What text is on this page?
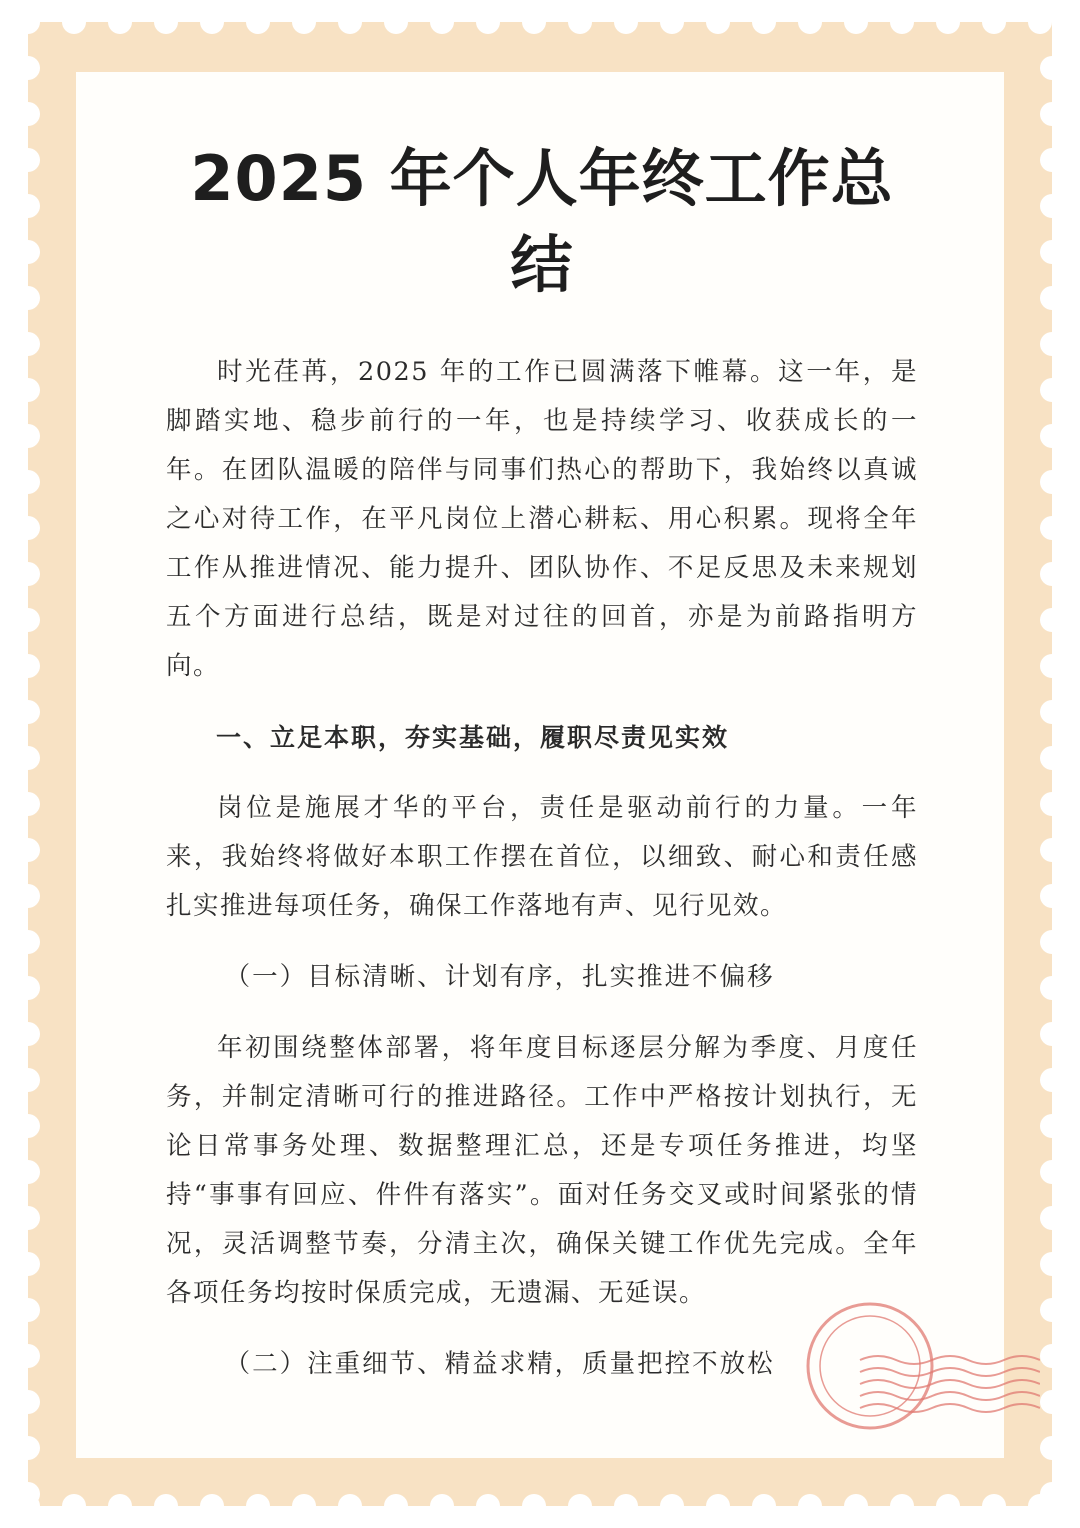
2025 年个人年终工作总结

时光荏苒，2025 年的工作已圆满落下帷幕。这一年，是脚踏实地、稳步前行的一年，也是持续学习、收获成长的一年。在团队温暖的陪伴与同事们热心的帮助下，我始终以真诚之心对待工作，在平凡岗位上潜心耕耘、用心积累。现将全年工作从推进情况、能力提升、团队协作、不足反思及未来规划五个方面进行总结，既是对过往的回首，亦是为前路指明方向。

一、立足本职，夯实基础，履职尽责见实效

岗位是施展才华的平台，责任是驱动前行的力量。一年来，我始终将做好本职工作摆在首位，以细致、耐心和责任感扎实推进每项任务，确保工作落地有声、见行见效。

（一）目标清晰、计划有序，扎实推进不偏移

年初围绕整体部署，将年度目标逐层分解为季度、月度任务，并制定清晰可行的推进路径。工作中严格按计划执行，无论日常事务处理、数据整理汇总，还是专项任务推进，均坚持“事事有回应、件件有落实”。面对任务交叉或时间紧张的情况，灵活调整节奏，分清主次，确保关键工作优先完成。全年各项任务均按时保质完成，无遗漏、无延误。

（二）注重细节、精益求精，质量把控不放松
